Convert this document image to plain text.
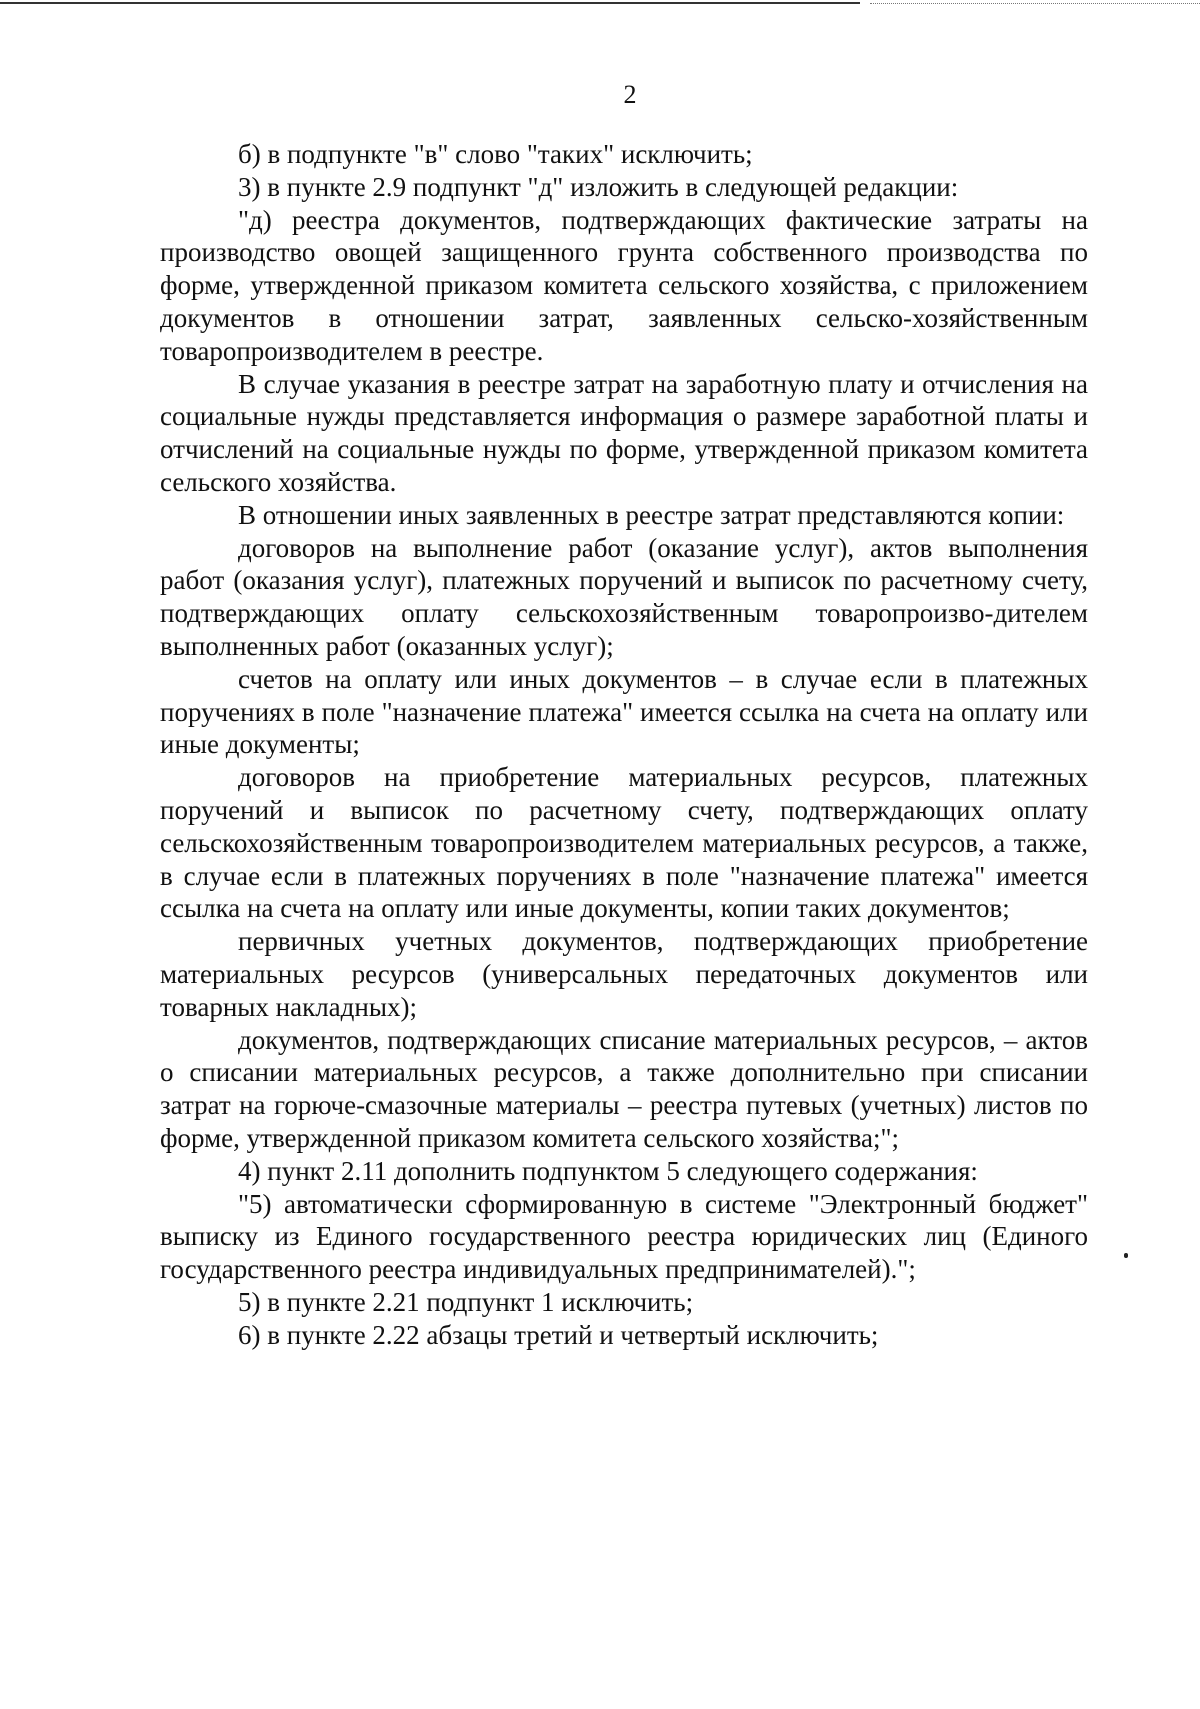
2

б) в подпункте "в" слово "таких" исключить;

3) в пункте 2.9 подпункт "д" изложить в следующей редакции:

"д) реестра документов, подтверждающих фактические затраты на производство овощей защищенного грунта собственного производства по форме, утвержденной приказом комитета сельского хозяйства, с приложением документов в отношении затрат, заявленных сельско-хозяйственным товаропроизводителем в реестре.

В случае указания в реестре затрат на заработную плату и отчисления на социальные нужды представляется информация о размере заработной платы и отчислений на социальные нужды по форме, утвержденной приказом комитета сельского хозяйства.

В отношении иных заявленных в реестре затрат представляются копии:

договоров на выполнение работ (оказание услуг), актов выполнения работ (оказания услуг), платежных поручений и выписок по расчетному счету, подтверждающих оплату сельскохозяйственным товаропроизво-дителем выполненных работ (оказанных услуг);

счетов на оплату или иных документов – в случае если в платежных поручениях в поле "назначение платежа" имеется ссылка на счета на оплату или иные документы;

договоров на приобретение материальных ресурсов, платежных поручений и выписок по расчетному счету, подтверждающих оплату сельскохозяйственным товаропроизводителем материальных ресурсов, а также, в случае если в платежных поручениях в поле "назначение платежа" имеется ссылка на счета на оплату или иные документы, копии таких документов;

первичных учетных документов, подтверждающих приобретение материальных ресурсов (универсальных передаточных документов или товарных накладных);

документов, подтверждающих списание материальных ресурсов, – актов о списании материальных ресурсов, а также дополнительно при списании затрат на горюче-смазочные материалы – реестра путевых (учетных) листов по форме, утвержденной приказом комитета сельского хозяйства;";

4) пункт 2.11 дополнить подпунктом 5 следующего содержания:

"5) автоматически сформированную в системе "Электронный бюджет" выписку из Единого государственного реестра юридических лиц (Единого государственного реестра индивидуальных предпринимателей).";

5) в пункте 2.21 подпункт 1 исключить;

6) в пункте 2.22 абзацы третий и четвертый исключить;
